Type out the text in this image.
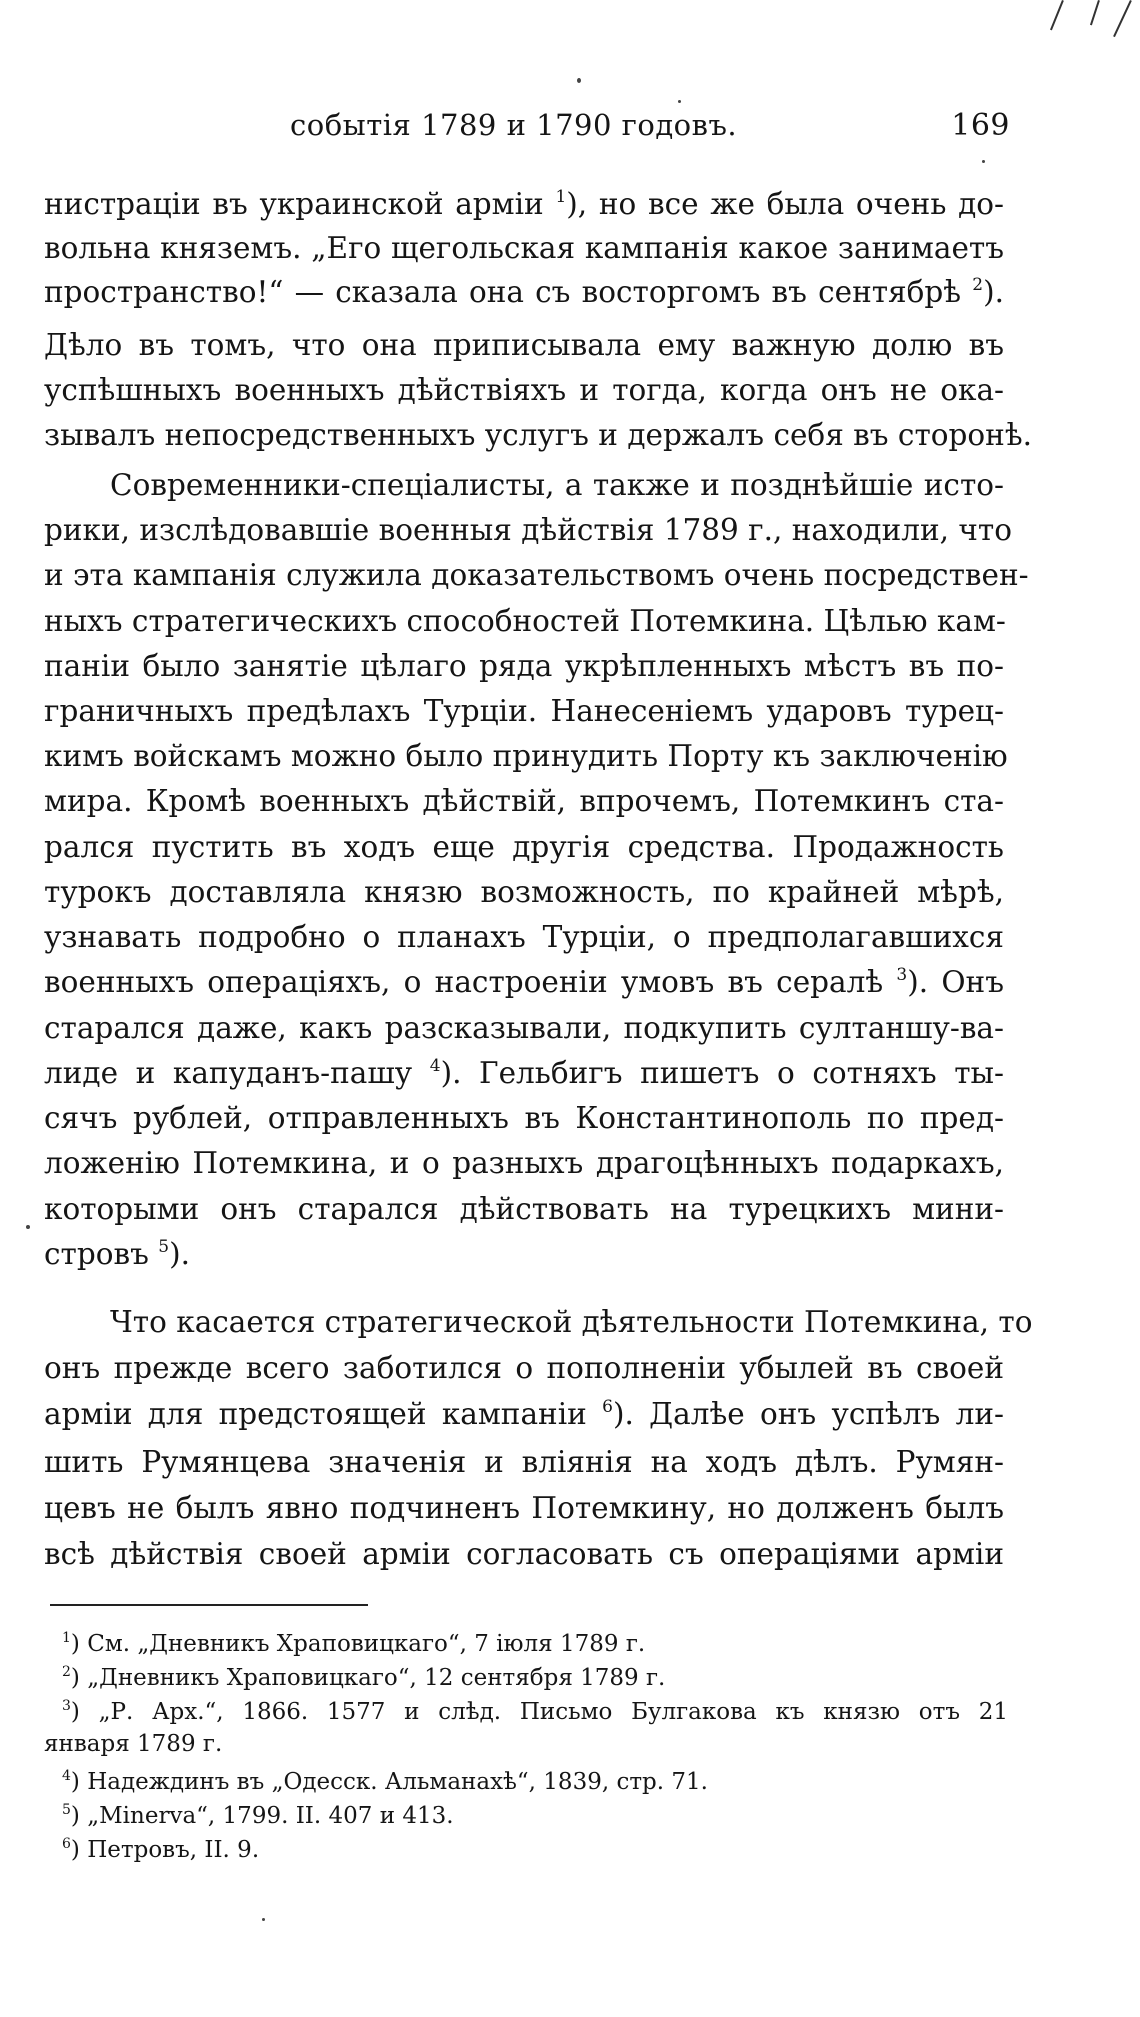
событія 1789 и 1790 годовъ.	169
нистраціи въ украинской арміи $^1$), но все же была очень до-
вольна княземъ. „Его щегольская кампанія какое занимаетъ
пространство!“ — сказала она съ восторгомъ въ сентябрѣ $^2$).
Дѣло въ томъ, что она приписывала ему важную долю въ
успѣшныхъ военныхъ дѣйствіяхъ и тогда, когда онъ не ока-
зывалъ непосредственныхъ услугъ и держалъ себя въ сторонѣ.
Современники-спеціалисты, а также и позднѣйшіе исто-
рики, изслѣдовавшіе военныя дѣйствія 1789 г., находили, что
и эта кампанія служила доказательствомъ очень посредствен-
ныхъ стратегическихъ способностей Потемкина. Цѣлью кам-
паніи было занятіе цѣлаго ряда укрѣпленныхъ мѣстъ въ по-
граничныхъ предѣлахъ Турціи. Нанесеніемъ ударовъ турец-
кимъ войскамъ можно было принудить Порту къ заключенію
мира. Кромѣ военныхъ дѣйствій, впрочемъ, Потемкинъ ста-
рался пустить въ ходъ еще другія средства. Продажность
турокъ доставляла князю возможность, по крайней мѣрѣ,
узнавать подробно о планахъ Турціи, о предполагавшихся
военныхъ операціяхъ, о настроеніи умовъ въ сералѣ $^3$). Онъ
старался даже, какъ разсказывали, подкупить султаншу-ва-
лиде и капуданъ-пашу $^4$). Гельбигъ пишетъ о сотняхъ ты-
сячъ рублей, отправленныхъ въ Константинополь по пред-
ложенію Потемкина, и о разныхъ драгоцѣнныхъ подаркахъ,
которыми онъ старался дѣйствовать на турецкихъ мини-
стровъ $^5$).
Что касается стратегической дѣятельности Потемкина, то
онъ прежде всего заботился о пополненіи убылей въ своей
арміи для предстоящей кампаніи $^6$). Далѣе онъ успѣлъ ли-
шить Румянцева значенія и вліянія на ходъ дѣлъ. Румян-
цевъ не былъ явно подчиненъ Потемкину, но долженъ былъ
всѣ дѣйствія своей арміи согласовать съ операціями арміи
$^1$) См. „Дневникъ Храповицкаго“, 7 іюля 1789 г.
$^2$) „Дневникъ Храповицкаго“, 12 сентября 1789 г.
$^3$) „Р. Арх.“, 1866. 1577 и слѣд. Письмо Булгакова къ князю отъ 21
января 1789 г.
$^4$) Надеждинъ въ „Одесск. Альманахѣ“, 1839, стр. 71.
$^5$) „Minerva“, 1799. II. 407 и 413.
$^6$) Петровъ, II. 9.
